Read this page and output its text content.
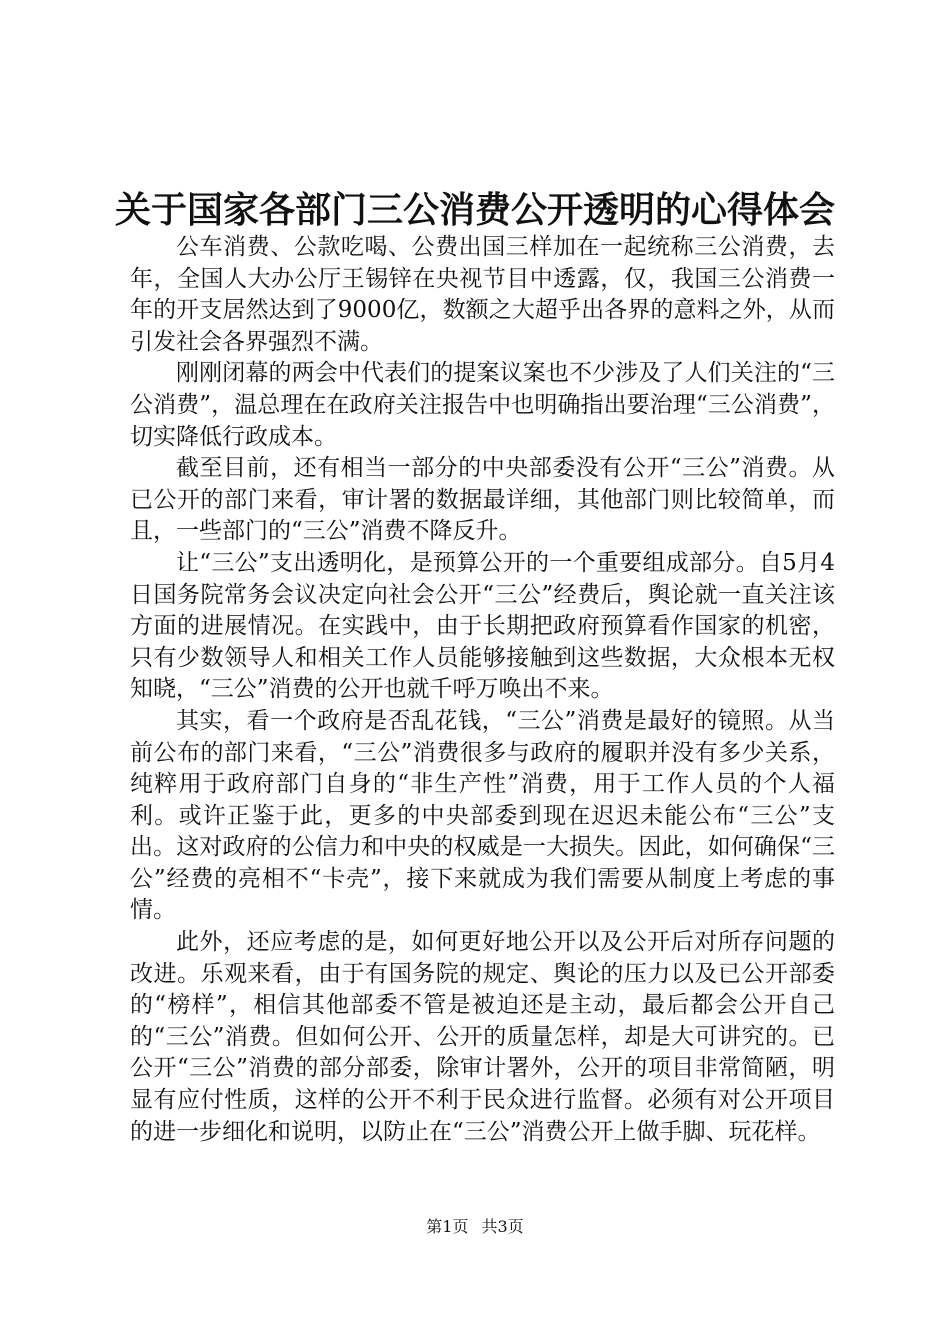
关于国家各部门三公消费公开透明的心得体会

公车消费、公款吃喝、公费出国三样加在一起统称三公消费，去年，全国人大办公厅王锡锌在央视节目中透露，仅，我国三公消费一年的开支居然达到了9000亿，数额之大超乎出各界的意料之外，从而引发社会各界强烈不满。

刚刚闭幕的两会中代表们的提案议案也不少涉及了人们关注的“三公消费”，温总理在在政府关注报告中也明确指出要治理“三公消费”，切实降低行政成本。

截至目前，还有相当一部分的中央部委没有公开“三公”消费。从已公开的部门来看，审计署的数据最详细，其他部门则比较简单，而且，一些部门的“三公”消费不降反升。

让“三公”支出透明化，是预算公开的一个重要组成部分。自5月4日国务院常务会议决定向社会公开“三公”经费后，舆论就一直关注该方面的进展情况。在实践中，由于长期把政府预算看作国家的机密，只有少数领导人和相关工作人员能够接触到这些数据，大众根本无权知晓，“三公”消费的公开也就千呼万唤出不来。

其实，看一个政府是否乱花钱，“三公”消费是最好的镜照。从当前公布的部门来看，“三公”消费很多与政府的履职并没有多少关系，纯粹用于政府部门自身的“非生产性”消费，用于工作人员的个人福利。或许正鉴于此，更多的中央部委到现在迟迟未能公布“三公”支出。这对政府的公信力和中央的权威是一大损失。因此，如何确保“三公”经费的亮相不“卡壳”，接下来就成为我们需要从制度上考虑的事情。

此外，还应考虑的是，如何更好地公开以及公开后对所存问题的改进。乐观来看，由于有国务院的规定、舆论的压力以及已公开部委的“榜样”，相信其他部委不管是被迫还是主动，最后都会公开自己的“三公”消费。但如何公开、公开的质量怎样，却是大可讲究的。已公开“三公”消费的部分部委，除审计署外，公开的项目非常简陋，明显有应付性质，这样的公开不利于民众进行监督。必须有对公开项目的进一步细化和说明，以防止在“三公”消费公开上做手脚、玩花样。

第1页 共3页
